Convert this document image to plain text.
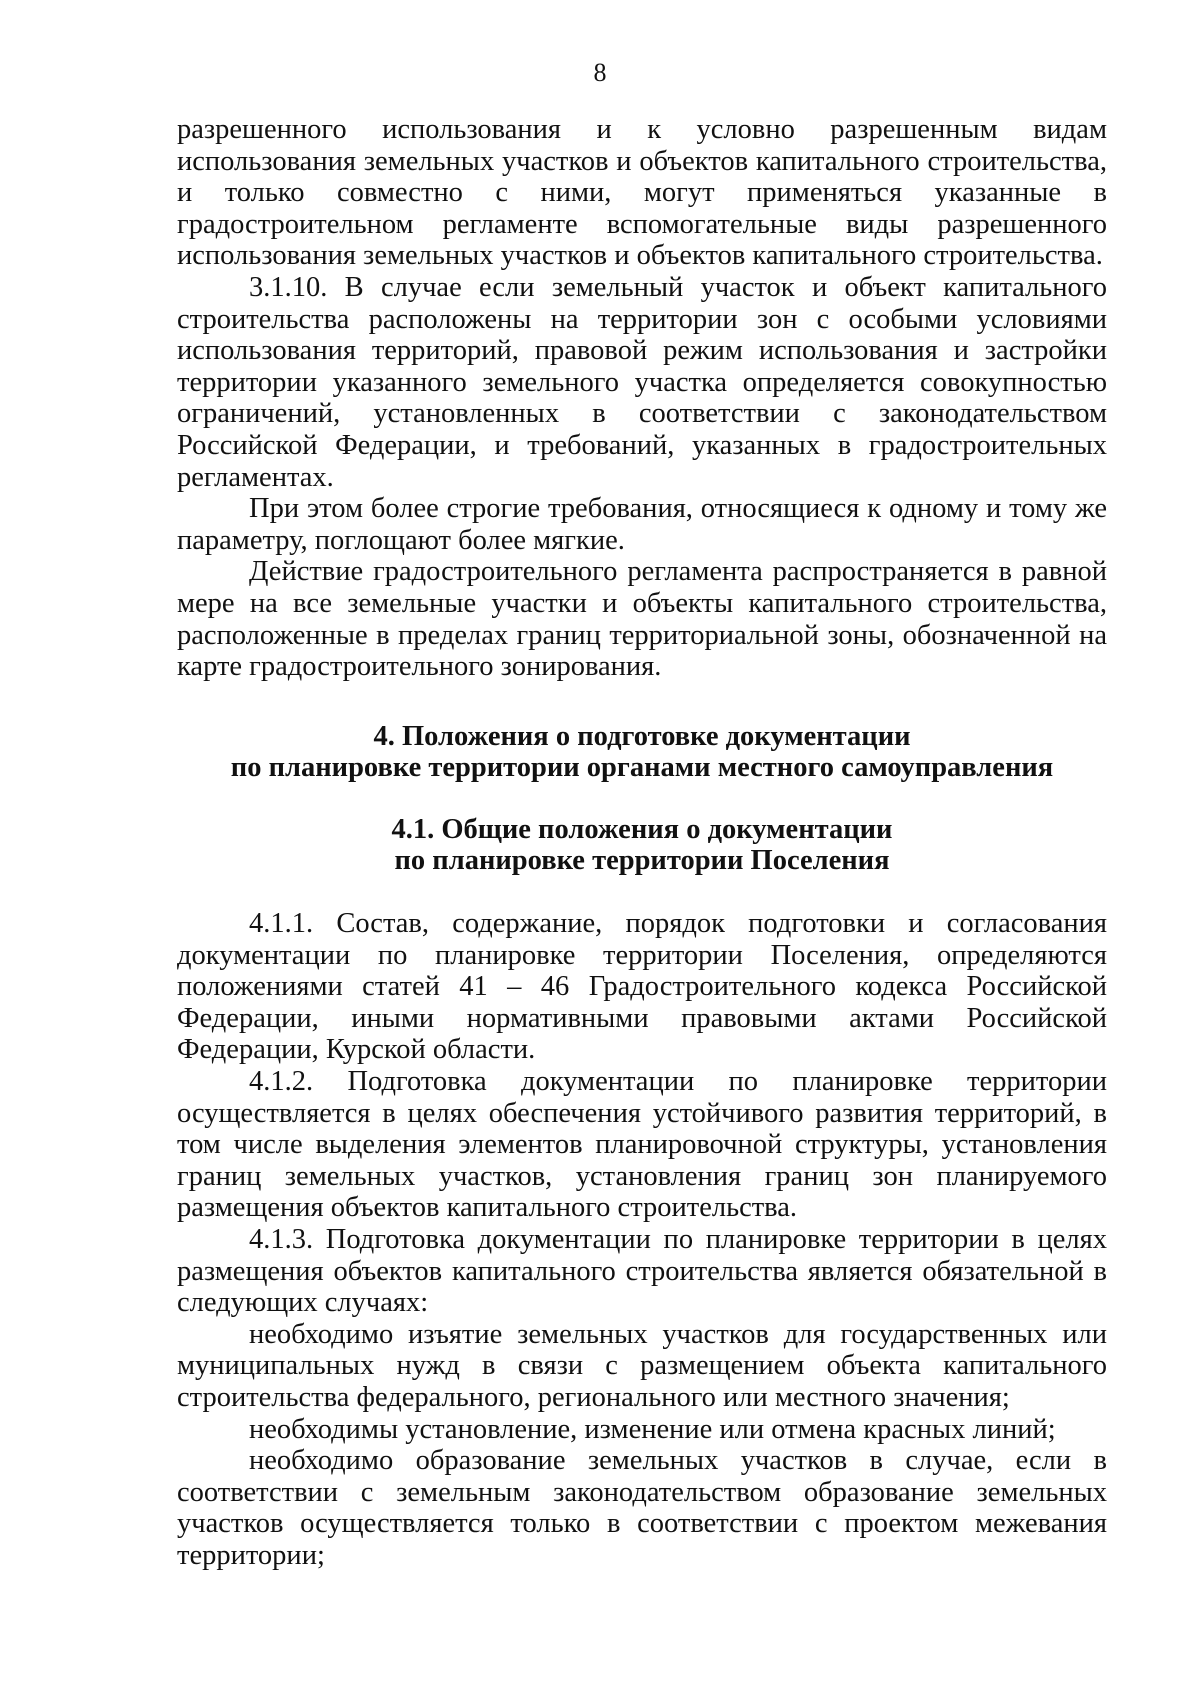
8

разрешенного использования и к условно разрешенным видам использования земельных участков и объектов капитального строительства, и только совместно с ними, могут применяться указанные в градостроительном регламенте вспомогательные виды разрешенного использования земельных участков и объектов капитального строительства.

3.1.10. В случае если земельный участок и объект капитального строительства расположены на территории зон с особыми условиями использования территорий, правовой режим использования и застройки территории указанного земельного участка определяется совокупностью ограничений, установленных в соответствии с законодательством Российской Федерации, и требований, указанных в градостроительных регламентах.

При этом более строгие требования, относящиеся к одному и тому же параметру, поглощают более мягкие.

Действие градостроительного регламента распространяется в равной мере на все земельные участки и объекты капитального строительства, расположенные в пределах границ территориальной зоны, обозначенной на карте градостроительного зонирования.

4. Положения о подготовке документации
по планировке территории органами местного самоуправления
4.1. Общие положения о документации
по планировке территории Поселения

4.1.1. Состав, содержание, порядок подготовки и согласования документации по планировке территории Поселения, определяются положениями статей 41 – 46 Градостроительного кодекса Российской Федерации, иными нормативными правовыми актами Российской Федерации, Курской области.

4.1.2. Подготовка документации по планировке территории осуществляется в целях обеспечения устойчивого развития территорий, в том числе выделения элементов планировочной структуры, установления границ земельных участков, установления границ зон планируемого размещения объектов капитального строительства.

4.1.3. Подготовка документации по планировке территории в целях размещения объектов капитального строительства является обязательной в следующих случаях:

необходимо изъятие земельных участков для государственных или муниципальных нужд в связи с размещением объекта капитального строительства федерального, регионального или местного значения;

необходимы установление, изменение или отмена красных линий;

необходимо образование земельных участков в случае, если в соответствии с земельным законодательством образование земельных участков осуществляется только в соответствии с проектом межевания территории;
